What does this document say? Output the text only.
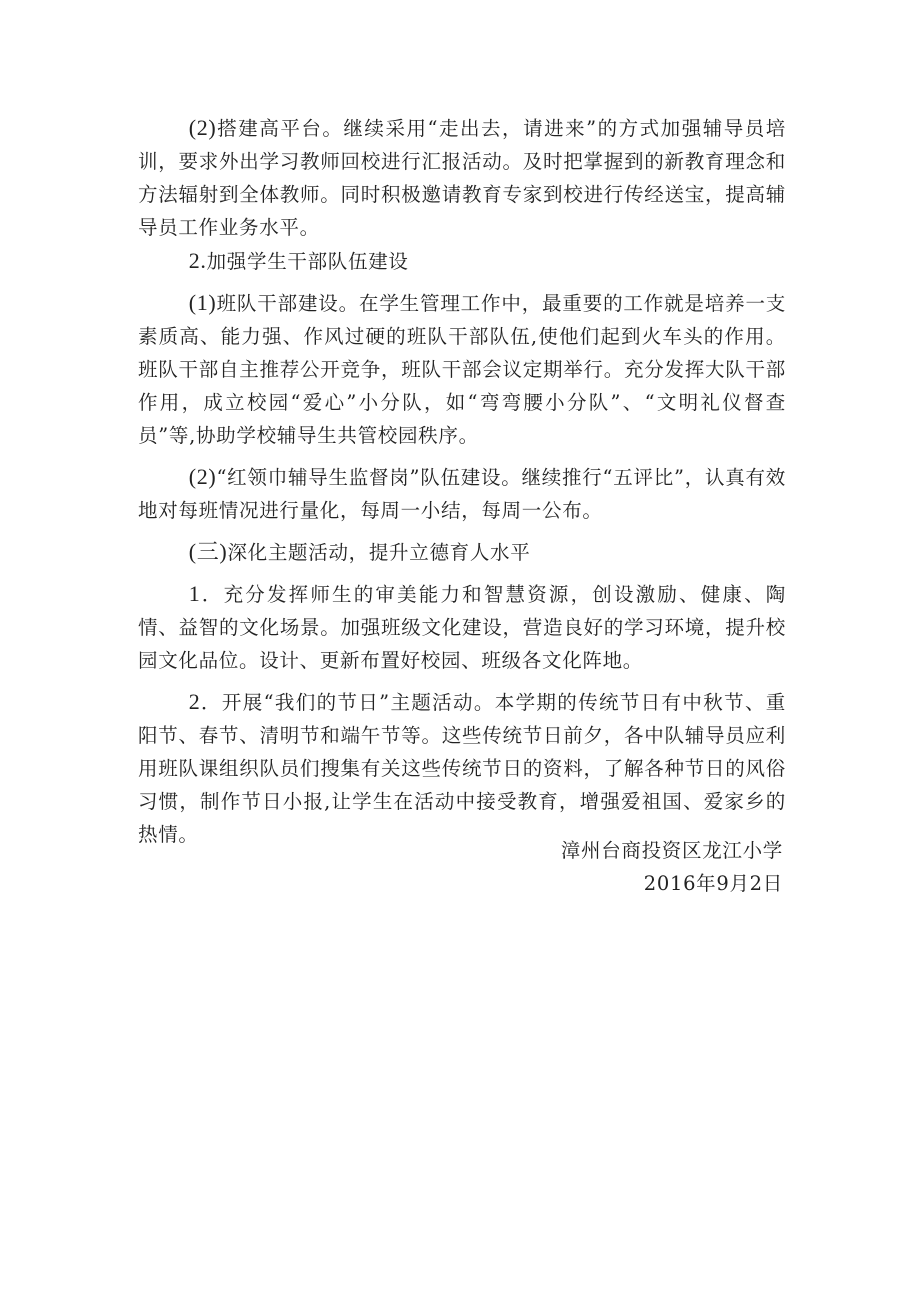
(2)搭建高平台。继续采用“走出去，请进来”的方式加强辅导员培训，要求外出学习教师回校进行汇报活动。及时把掌握到的新教育理念和方法辐射到全体教师。同时积极邀请教育专家到校进行传经送宝，提高辅导员工作业务水平。

2.加强学生干部队伍建设

(1)班队干部建设。在学生管理工作中，最重要的工作就是培养一支素质高、能力强、作风过硬的班队干部队伍,使他们起到火车头的作用。班队干部自主推荐公开竞争，班队干部会议定期举行。充分发挥大队干部作用，成立校园“爱心”小分队，如“弯弯腰小分队”、“文明礼仪督查员”等,协助学校辅导生共管校园秩序。

(2)“红领巾辅导生监督岗”队伍建设。继续推行“五评比”，认真有效地对每班情况进行量化，每周一小结，每周一公布。

(三)深化主题活动，提升立德育人水平

1．充分发挥师生的审美能力和智慧资源，创设激励、健康、陶情、益智的文化场景。加强班级文化建设，营造良好的学习环境，提升校园文化品位。设计、更新布置好校园、班级各文化阵地。

2．开展“我们的节日”主题活动。本学期的传统节日有中秋节、重阳节、春节、清明节和端午节等。这些传统节日前夕，各中队辅导员应利用班队课组织队员们搜集有关这些传统节日的资料，了解各种节日的风俗习惯，制作节日小报,让学生在活动中接受教育，增强爱祖国、爱家乡的热情。

漳州台商投资区龙江小学
2016年9月2日
